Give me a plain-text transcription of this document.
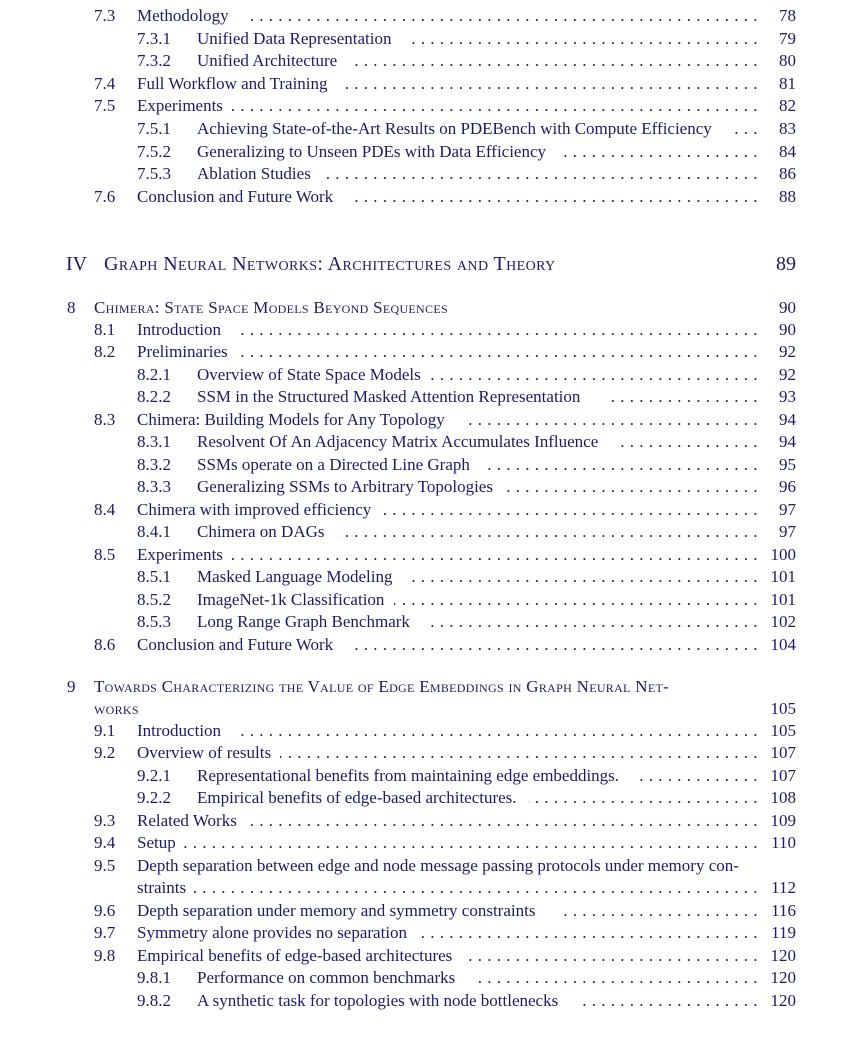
7.3 Methodology . . .	78
7.3.1 Unified Data Representation . . .	79
7.3.2 Unified Architecture . . .	80
7.4 Full Workflow and Training . . .	81
7.5 Experiments . . .	82
7.5.1 Achieving State-of-the-Art Results on PDEBench with Compute Efficiency . . .	83
7.5.2 Generalizing to Unseen PDEs with Data Efficiency . . .	84
7.5.3 Ablation Studies . . .	86
7.6 Conclusion and Future Work . . .	88
IV Graph Neural Networks: Architectures and Theory	89
8 Chimera: State Space Models Beyond Sequences	90
8.1 Introduction . . .	90
8.2 Preliminaries . . .	92
8.2.1 Overview of State Space Models . . .	92
8.2.2 SSM in the Structured Masked Attention Representation . . .	93
8.3 Chimera: Building Models for Any Topology . . .	94
8.3.1 Resolvent Of An Adjacency Matrix Accumulates Influence . . .	94
8.3.2 SSMs operate on a Directed Line Graph . . .	95
8.3.3 Generalizing SSMs to Arbitrary Topologies . . .	96
8.4 Chimera with improved efficiency . . .	97
8.4.1 Chimera on DAGs . . .	97
8.5 Experiments . . .	100
8.5.1 Masked Language Modeling . . .	101
8.5.2 ImageNet-1k Classification . . .	101
8.5.3 Long Range Graph Benchmark . . .	102
8.6 Conclusion and Future Work . . .	104
9 Towards Characterizing the Value of Edge Embeddings in Graph Neural Net-
works	105
9.1 Introduction . . .	105
9.2 Overview of results . . .	107
9.2.1 Representational benefits from maintaining edge embeddings. . . .	107
9.2.2 Empirical benefits of edge-based architectures. . . .	108
9.3 Related Works . . .	109
9.4 Setup . . .	110
9.5 Depth separation between edge and node message passing protocols under memory con-
straints . . .	112
9.6 Depth separation under memory and symmetry constraints . . .	116
9.7 Symmetry alone provides no separation . . .	119
9.8 Empirical benefits of edge-based architectures . . .	120
9.8.1 Performance on common benchmarks . . .	120
9.8.2 A synthetic task for topologies with node bottlenecks . . .	120
